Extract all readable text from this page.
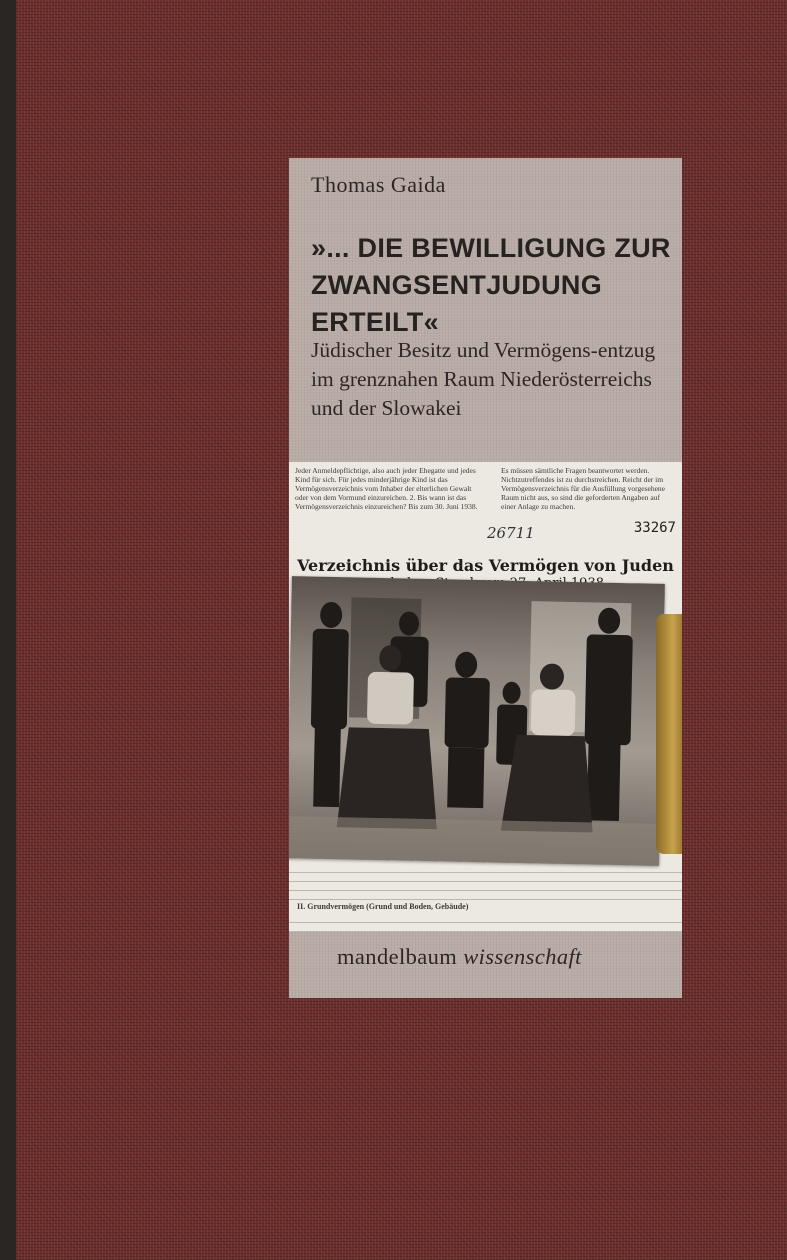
Thomas Gaida
»... DIE BEWILLIGUNG ZUR ZWANGSENTJUDUNG ERTEILT«
Jüdischer Besitz und Vermögens-entzug im grenznahen Raum Niederösterreichs und der Slowakei
Jeder Anmeldepflichtige, also auch jeder Ehegatte und jedes Kind für sich. Für jedes minderjährige Kind ist das Vermögensverzeichnis vom Inhaber der elterlichen Gewalt oder von dem Vormund einzureichen. 2. Bis wann ist das Vermögensverzeichnis einzureichen? Bis zum 30. Juni 1938.
Es müssen sämtliche Fragen beantwortet werden. Nichtzutreffendes ist zu durchstreichen. Reicht der im Vermögensverzeichnis für die Ausfüllung vorgesehene Raum nicht aus, so sind die geforderten Angaben auf einer Anlage zu machen.
26711	33267
Verzeichnis über das Vermögen von Juden
II. Grundvermögen (Grund und Boden, Gebäude)
mandelbaum wissenschaft
